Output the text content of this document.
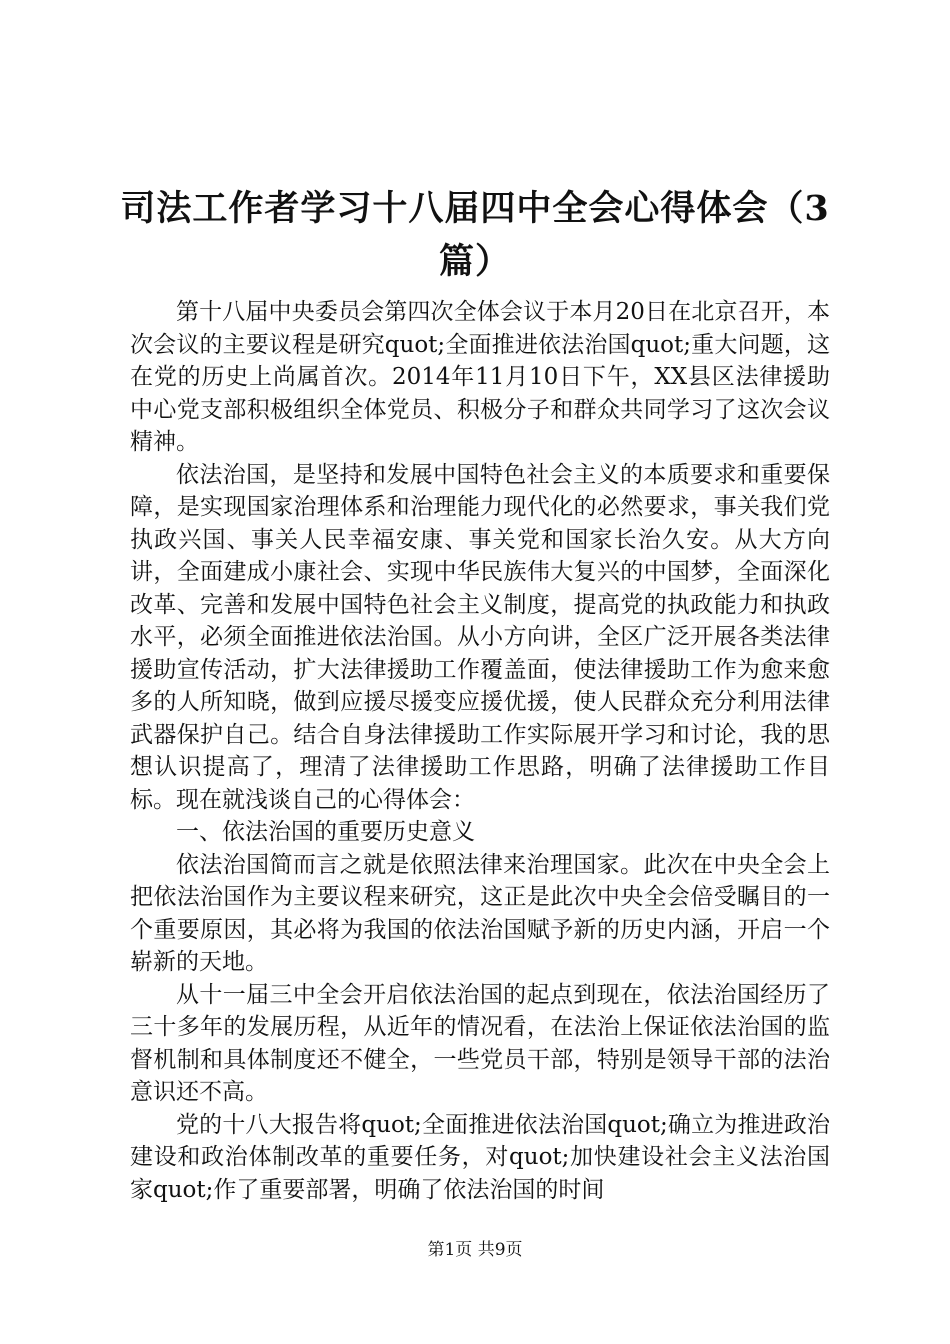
司法工作者学习十八届四中全会心得体会（3篇）

第十八届中央委员会第四次全体会议于本月20日在北京召开，本次会议的主要议程是研究quot;全面推进依法治国quot;重大问题，这在党的历史上尚属首次。2014年11月10日下午，XX县区法律援助中心党支部积极组织全体党员、积极分子和群众共同学习了这次会议精神。

依法治国，是坚持和发展中国特色社会主义的本质要求和重要保障，是实现国家治理体系和治理能力现代化的必然要求，事关我们党执政兴国、事关人民幸福安康、事关党和国家长治久安。从大方向讲，全面建成小康社会、实现中华民族伟大复兴的中国梦，全面深化改革、完善和发展中国特色社会主义制度，提高党的执政能力和执政水平，必须全面推进依法治国。从小方向讲，全区广泛开展各类法律援助宣传活动，扩大法律援助工作覆盖面，使法律援助工作为愈来愈多的人所知晓，做到应援尽援变应援优援，使人民群众充分利用法律武器保护自己。结合自身法律援助工作实际展开学习和讨论，我的思想认识提高了，理清了法律援助工作思路，明确了法律援助工作目标。现在就浅谈自己的心得体会：

一、依法治国的重要历史意义

依法治国简而言之就是依照法律来治理国家。此次在中央全会上把依法治国作为主要议程来研究，这正是此次中央全会倍受瞩目的一个重要原因，其必将为我国的依法治国赋予新的历史内涵，开启一个崭新的天地。

从十一届三中全会开启依法治国的起点到现在，依法治国经历了三十多年的发展历程，从近年的情况看，在法治上保证依法治国的监督机制和具体制度还不健全，一些党员干部，特别是领导干部的法治意识还不高。

党的十八大报告将quot;全面推进依法治国quot;确立为推进政治建设和政治体制改革的重要任务，对quot;加快建设社会主义法治国家quot;作了重要部署，明确了依法治国的时间

第1页 共9页
